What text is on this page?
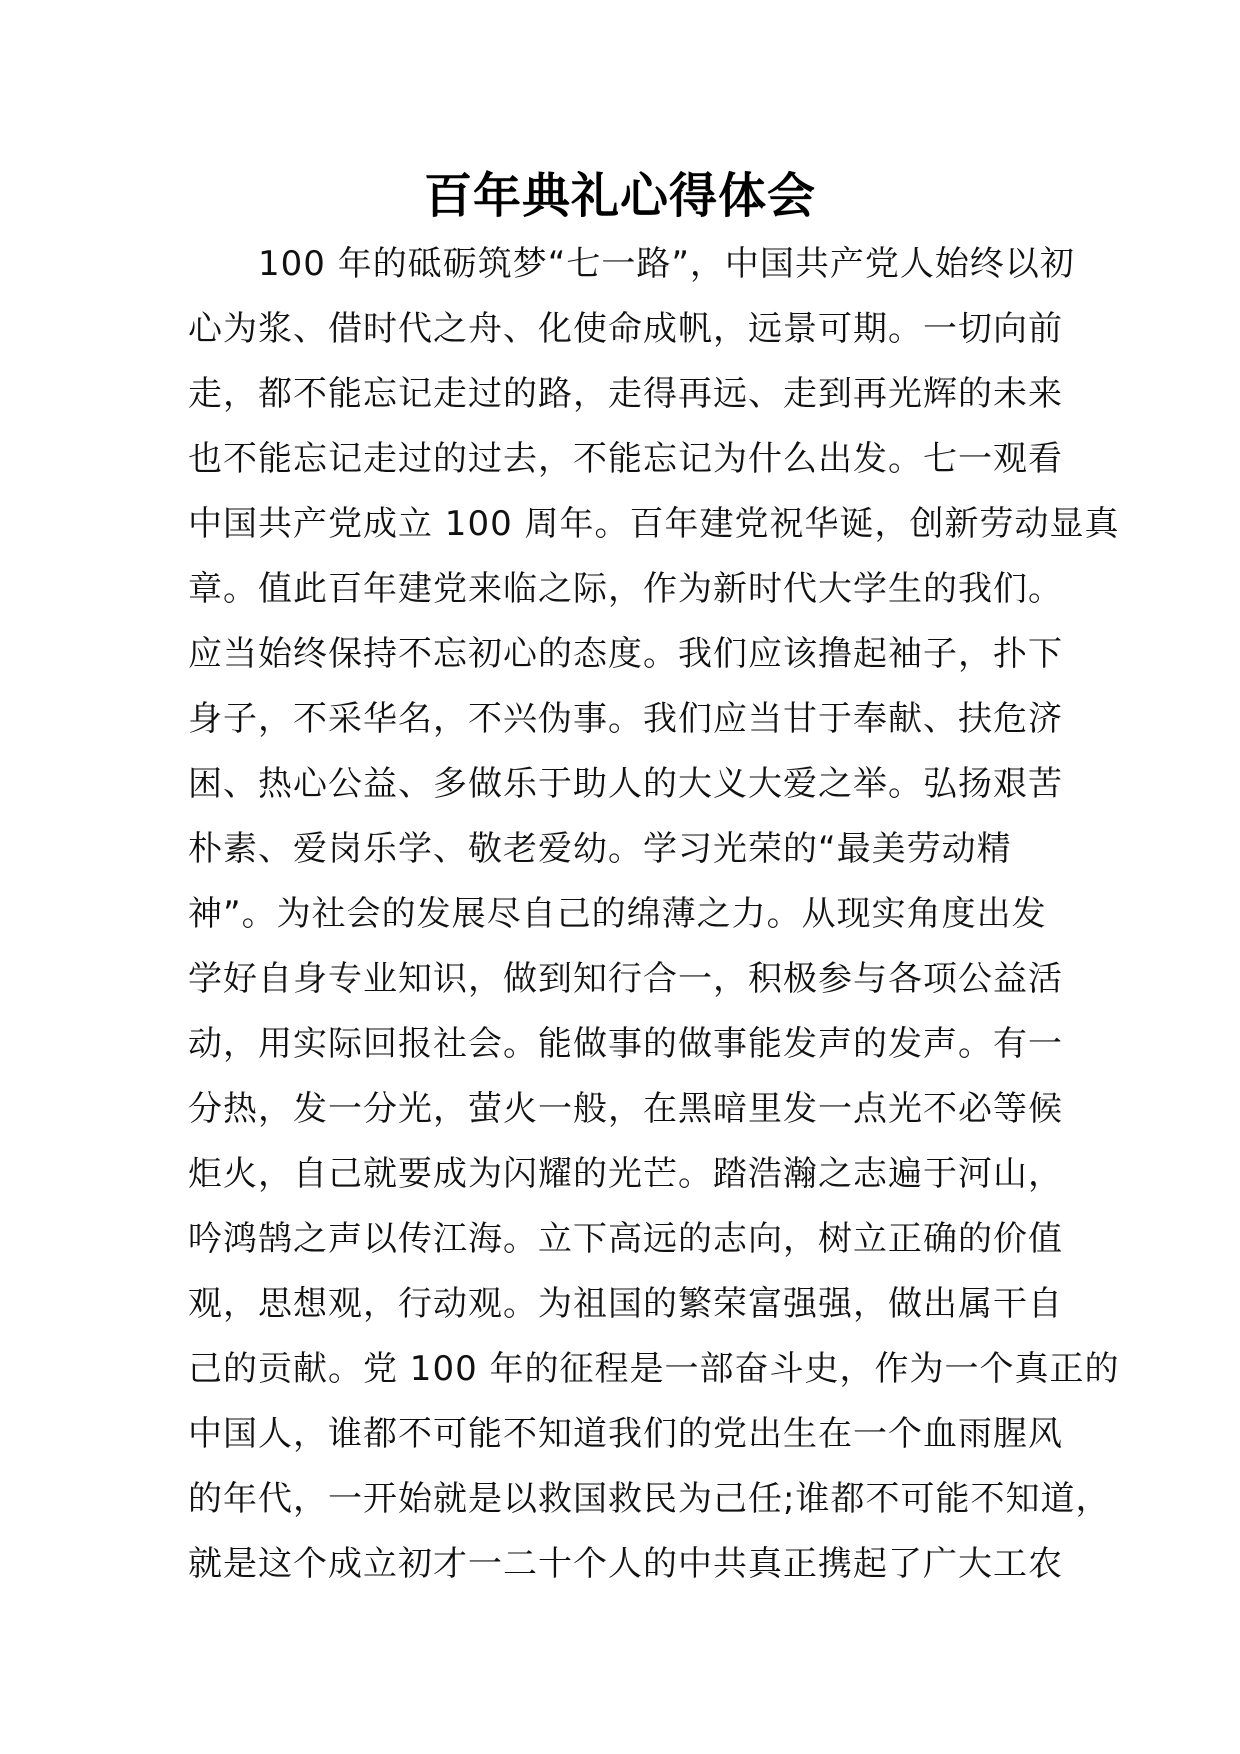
百年典礼心得体会
　　100 年的砥砺筑梦“七一路”，中国共产党人始终以初
心为浆、借时代之舟、化使命成帆，远景可期。一切向前
走，都不能忘记走过的路，走得再远、走到再光辉的未来
也不能忘记走过的过去，不能忘记为什么出发。七一观看
中国共产党成立 100 周年。百年建党祝华诞，创新劳动显真
章。值此百年建党来临之际，作为新时代大学生的我们。
应当始终保持不忘初心的态度。我们应该撸起袖子，扑下
身子，不采华名，不兴伪事。我们应当甘于奉献、扶危济
困、热心公益、多做乐于助人的大义大爱之举。弘扬艰苦
朴素、爱岗乐学、敬老爱幼。学习光荣的“最美劳动精
神”。为社会的发展尽自己的绵薄之力。从现实角度出发
学好自身专业知识，做到知行合一，积极参与各项公益活
动，用实际回报社会。能做事的做事能发声的发声。有一
分热，发一分光，萤火一般，在黑暗里发一点光不必等候
炬火，自己就要成为闪耀的光芒。踏浩瀚之志遍于河山，
吟鸿鹄之声以传江海。立下高远的志向，树立正确的价值
观，思想观，行动观。为祖国的繁荣富强强，做出属干自
己的贡献。党 100 年的征程是一部奋斗史，作为一个真正的
中国人，谁都不可能不知道我们的党出生在一个血雨腥风
的年代，一开始就是以救国救民为己任;谁都不可能不知道，
就是这个成立初才一二十个人的中共真正携起了广大工农
